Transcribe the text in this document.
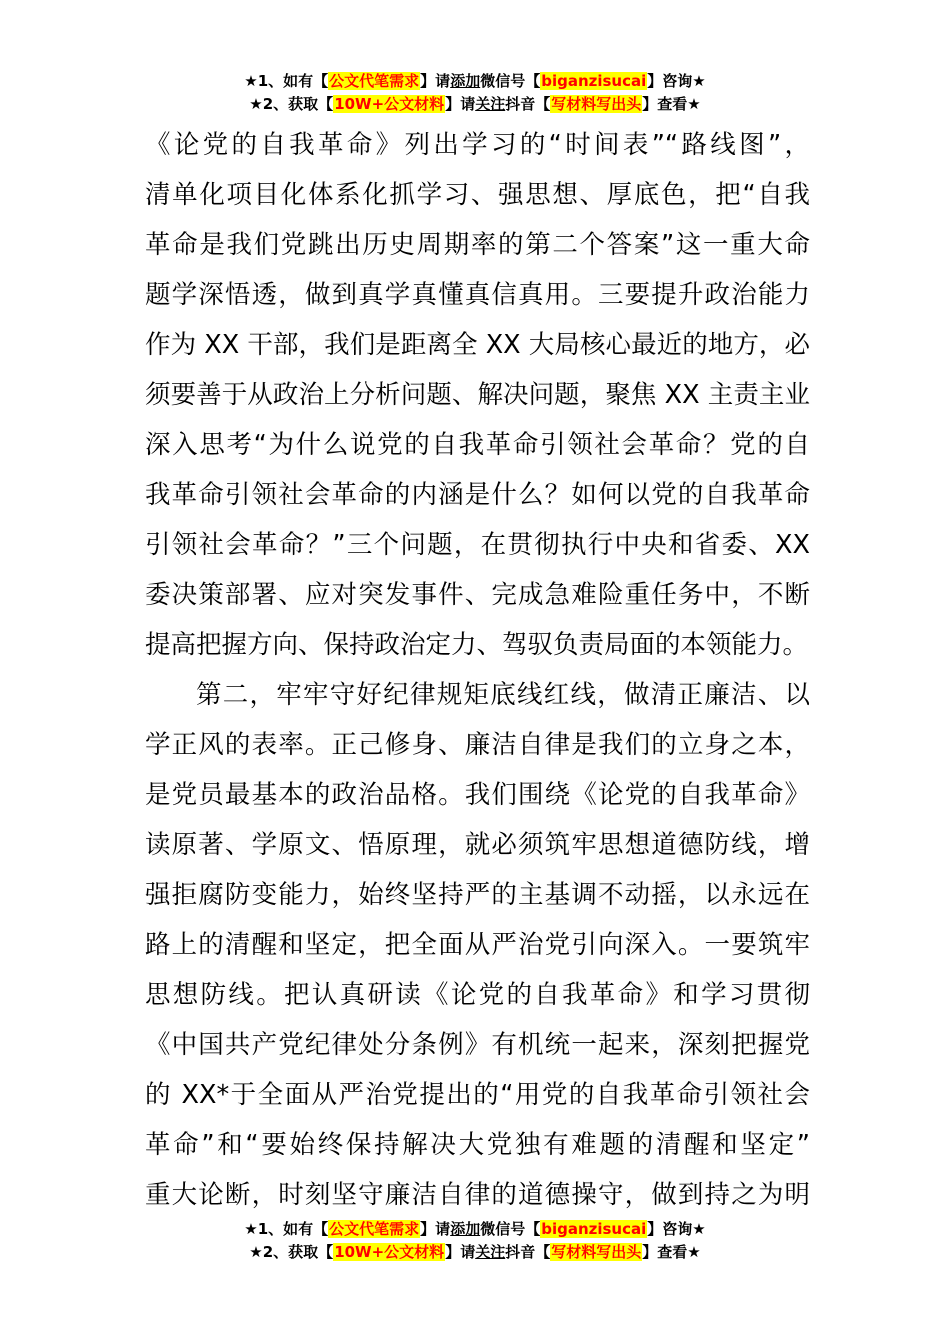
★1、如有【公文代笔需求】请添加微信号【biganzisucai】咨询★
★2、获取【10W+公文材料】请关注抖音【写材料写出头】查看★
《论党的自我革命》列出学习的“时间表”“路线图”，
清单化项目化体系化抓学习、强思想、厚底色，把“自我
革命是我们党跳出历史周期率的第二个答案”这一重大命
题学深悟透，做到真学真懂真信真用。三要提升政治能力
作为 XX 干部，我们是距离全 XX 大局核心最近的地方，必
须要善于从政治上分析问题、解决问题，聚焦 XX 主责主业
深入思考“为什么说党的自我革命引领社会革命？党的自
我革命引领社会革命的内涵是什么？如何以党的自我革命
引领社会革命？”三个问题，在贯彻执行中央和省委、XX
委决策部署、应对突发事件、完成急难险重任务中，不断
提高把握方向、保持政治定力、驾驭负责局面的本领能力。
第二，牢牢守好纪律规矩底线红线，做清正廉洁、以
学正风的表率。正己修身、廉洁自律是我们的立身之本，
是党员最基本的政治品格。我们围绕《论党的自我革命》
读原著、学原文、悟原理，就必须筑牢思想道德防线，增
强拒腐防变能力，始终坚持严的主基调不动摇，以永远在
路上的清醒和坚定，把全面从严治党引向深入。一要筑牢
思想防线。把认真研读《论党的自我革命》和学习贯彻
《中国共产党纪律处分条例》有机统一起来，深刻把握党
的 XX*于全面从严治党提出的“用党的自我革命引领社会
革命”和“要始终保持解决大党独有难题的清醒和坚定”
重大论断，时刻坚守廉洁自律的道德操守，做到持之为明
★1、如有【公文代笔需求】请添加微信号【biganzisucai】咨询★
★2、获取【10W+公文材料】请关注抖音【写材料写出头】查看★
